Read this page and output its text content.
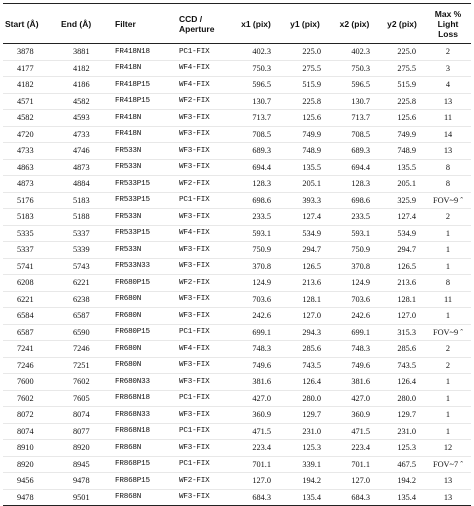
Start (Å)	End (Å)	Filter	CCD / Aperture	x1 (pix)	y1 (pix)	x2 (pix)	y2 (pix)	Max % Light Loss
3878	3881	FR418N18	PC1-FIX	402.3	225.0	402.3	225.0	2
4177	4182	FR418N	WF4-FIX	750.3	275.5	750.3	275.5	3
4182	4186	FR418P15	WF4-FIX	596.5	515.9	596.5	515.9	4
4571	4582	FR418P15	WF2-FIX	130.7	225.8	130.7	225.8	13
4582	4593	FR418N	WF3-FIX	713.7	125.6	713.7	125.6	11
4720	4733	FR418N	WF3-FIX	708.5	749.9	708.5	749.9	14
4733	4746	FR533N	WF3-FIX	689.3	748.9	689.3	748.9	13
4863	4873	FR533N	WF3-FIX	694.4	135.5	694.4	135.5	8
4873	4884	FR533P15	WF2-FIX	128.3	205.1	128.3	205.1	8
5176	5183	FR533P15	PC1-FIX	698.6	393.3	698.6	325.9	FOV~9 ˆ
5183	5188	FR533N	WF3-FIX	233.5	127.4	233.5	127.4	2
5335	5337	FR533P15	WF4-FIX	593.1	534.9	593.1	534.9	1
5337	5339	FR533N	WF3-FIX	750.9	294.7	750.9	294.7	1
5741	5743	FR533N33	WF3-FIX	370.8	126.5	370.8	126.5	1
6208	6221	FR680P15	WF2-FIX	124.9	213.6	124.9	213.6	8
6221	6238	FR680N	WF3-FIX	703.6	128.1	703.6	128.1	11
6584	6587	FR680N	WF3-FIX	242.6	127.0	242.6	127.0	1
6587	6590	FR680P15	PC1-FIX	699.1	294.3	699.1	315.3	FOV~9 ˆ
7241	7246	FR680N	WF4-FIX	748.3	285.6	748.3	285.6	2
7246	7251	FR680N	WF3-FIX	749.6	743.5	749.6	743.5	2
7600	7602	FR680N33	WF3-FIX	381.6	126.4	381.6	126.4	1
7602	7605	FR868N18	PC1-FIX	427.0	280.0	427.0	280.0	1
8072	8074	FR868N33	WF3-FIX	360.9	129.7	360.9	129.7	1
8074	8077	FR868N18	PC1-FIX	471.5	231.0	471.5	231.0	1
8910	8920	FR868N	WF3-FIX	223.4	125.3	223.4	125.3	12
8920	8945	FR868P15	PC1-FIX	701.1	339.1	701.1	467.5	FOV~7 ˆ
9456	9478	FR868P15	WF2-FIX	127.0	194.2	127.0	194.2	13
9478	9501	FR868N	WF3-FIX	684.3	135.4	684.3	135.4	13
